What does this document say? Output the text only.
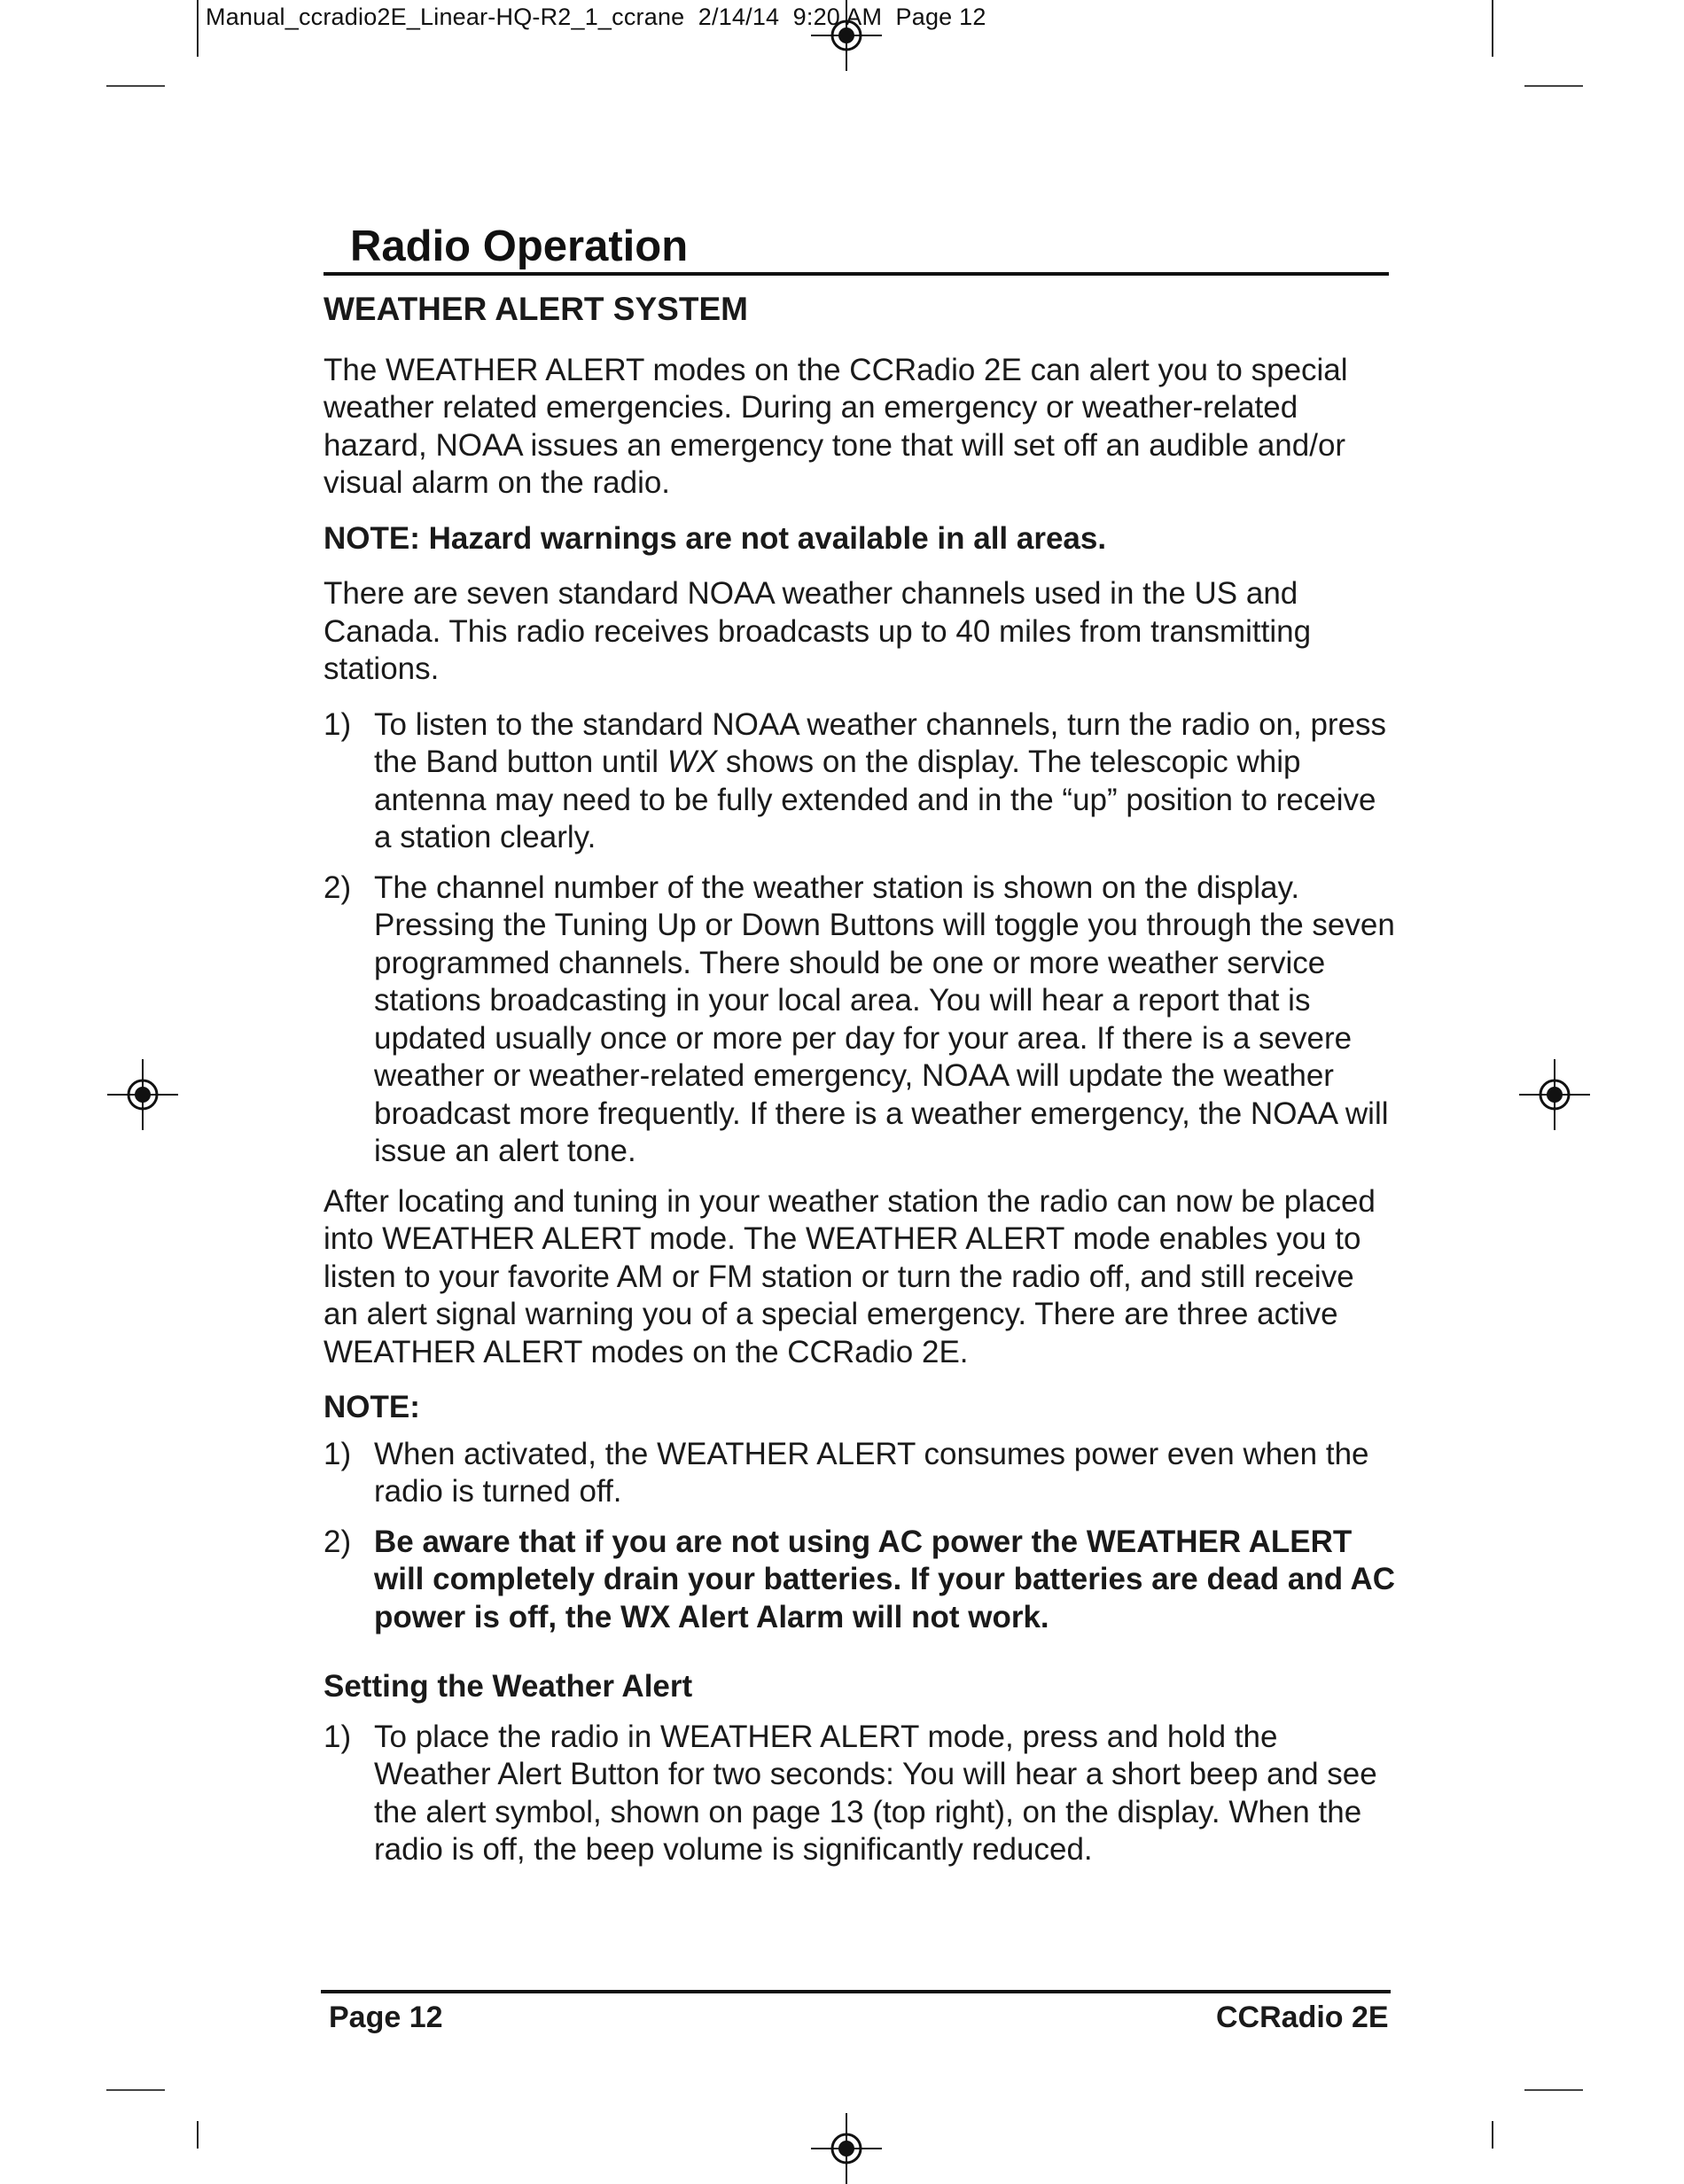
Manual_ccradio2E_Linear-HQ-R2_1_ccrane  2/14/14  9:20 AM  Page 12
Radio Operation

WEATHER ALERT SYSTEM

The WEATHER ALERT modes on the CCRadio 2E can alert you to special weather related emergencies. During an emergency or weather-related hazard, NOAA issues an emergency tone that will set off an audible and/or visual alarm on the radio.

NOTE: Hazard warnings are not available in all areas.

There are seven standard NOAA weather channels used in the US and Canada. This radio receives broadcasts up to 40 miles from transmitting stations.

1) To listen to the standard NOAA weather channels, turn the radio on, press the Band button until WX shows on the display. The telescopic whip antenna may need to be fully extended and in the “up” position to receive a station clearly.
2) The channel number of the weather station is shown on the display. Pressing the Tuning Up or Down Buttons will toggle you through the seven programmed channels. There should be one or more weather service stations broadcasting in your local area. You will hear a report that is updated usually once or more per day for your area. If there is a severe weather or weather-related emergency, NOAA will update the weather broadcast more frequently. If there is a weather emergency, the NOAA will issue an alert tone.

After locating and tuning in your weather station the radio can now be placed into WEATHER ALERT mode. The WEATHER ALERT mode enables you to listen to your favorite AM or FM station or turn the radio off, and still receive an alert signal warning you of a special emergency. There are three active WEATHER ALERT modes on the CCRadio 2E.

NOTE:

1) When activated, the WEATHER ALERT consumes power even when the radio is turned off.
2) Be aware that if you are not using AC power the WEATHER ALERT will completely drain your batteries. If your batteries are dead and AC power is off, the WX Alert Alarm will not work.

Setting the Weather Alert

1) To place the radio in WEATHER ALERT mode, press and hold the Weather Alert Button for two seconds: You will hear a short beep and see the alert symbol, shown on page 13 (top right), on the display. When the radio is off, the beep volume is significantly reduced.
Page 12	CCRadio 2E
